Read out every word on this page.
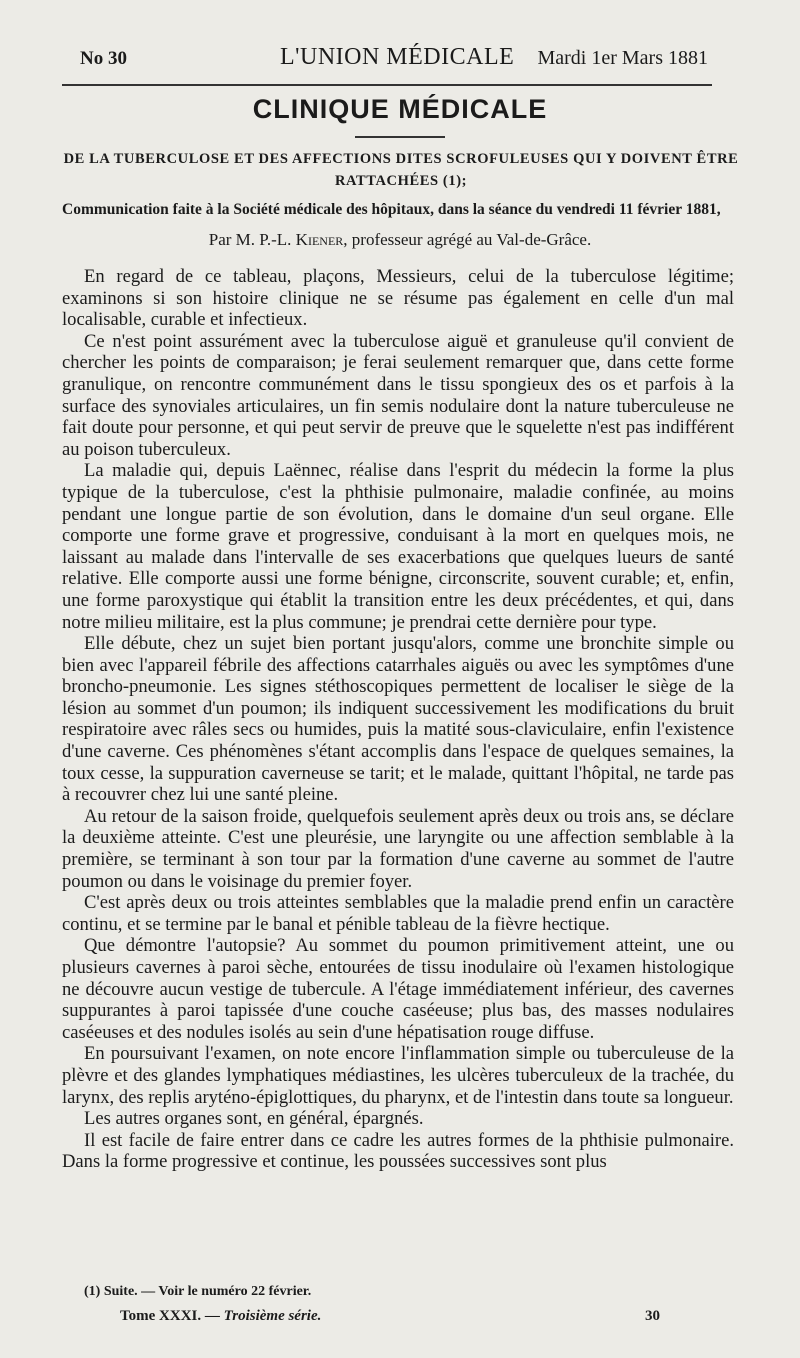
No 30	L'UNION MÉDICALE Mardi 1er Mars 1881
CLINIQUE MÉDICALE
DE LA TUBERCULOSE ET DES AFFECTIONS DITES SCROFULEUSES QUI Y DOIVENT ÊTRE RATTACHÉES (1);
Communication faite à la Société médicale des hôpitaux, dans la séance du vendredi 11 février 1881,
Par M. P.-L. Kiener, professeur agrégé au Val-de-Grâce.

En regard de ce tableau, plaçons, Messieurs, celui de la tuberculose légitime; examinons si son histoire clinique ne se résume pas également en celle d'un mal localisable, curable et infectieux.

Ce n'est point assurément avec la tuberculose aiguë et granuleuse qu'il convient de chercher les points de comparaison; je ferai seulement remarquer que, dans cette forme granulique, on rencontre communément dans le tissu spongieux des os et parfois à la surface des synoviales articulaires, un fin semis nodulaire dont la nature tuberculeuse ne fait doute pour personne, et qui peut servir de preuve que le squelette n'est pas indifférent au poison tuberculeux.

La maladie qui, depuis Laënnec, réalise dans l'esprit du médecin la forme la plus typique de la tuberculose, c'est la phthisie pulmonaire, maladie confinée, au moins pendant une longue partie de son évolution, dans le domaine d'un seul organe. Elle comporte une forme grave et progressive, conduisant à la mort en quelques mois, ne laissant au malade dans l'intervalle de ses exacerbations que quelques lueurs de santé relative. Elle comporte aussi une forme bénigne, circonscrite, souvent curable; et, enfin, une forme paroxystique qui établit la transition entre les deux précédentes, et qui, dans notre milieu militaire, est la plus commune; je prendrai cette dernière pour type.

Elle débute, chez un sujet bien portant jusqu'alors, comme une bronchite simple ou bien avec l'appareil fébrile des affections catarrhales aiguës ou avec les symptômes d'une broncho-pneumonie. Les signes stéthoscopiques permettent de localiser le siège de la lésion au sommet d'un poumon; ils indiquent successivement les modifications du bruit respiratoire avec râles secs ou humides, puis la matité sous-claviculaire, enfin l'existence d'une caverne. Ces phénomènes s'étant accomplis dans l'espace de quelques semaines, la toux cesse, la suppuration caverneuse se tarit; et le malade, quittant l'hôpital, ne tarde pas à recouvrer chez lui une santé pleine.

Au retour de la saison froide, quelquefois seulement après deux ou trois ans, se déclare la deuxième atteinte. C'est une pleurésie, une laryngite ou une affection semblable à la première, se terminant à son tour par la formation d'une caverne au sommet de l'autre poumon ou dans le voisinage du premier foyer.

C'est après deux ou trois atteintes semblables que la maladie prend enfin un caractère continu, et se termine par le banal et pénible tableau de la fièvre hectique.

Que démontre l'autopsie? Au sommet du poumon primitivement atteint, une ou plusieurs cavernes à paroi sèche, entourées de tissu inodulaire où l'examen histologique ne découvre aucun vestige de tubercule. A l'étage immédiatement inférieur, des cavernes suppurantes à paroi tapissée d'une couche caséeuse; plus bas, des masses nodulaires caséeuses et des nodules isolés au sein d'une hépatisation rouge diffuse.

En poursuivant l'examen, on note encore l'inflammation simple ou tuberculeuse de la plèvre et des glandes lymphatiques médiastines, les ulcères tuberculeux de la trachée, du larynx, des replis aryténo-épiglottiques, du pharynx, et de l'intestin dans toute sa longueur.

Les autres organes sont, en général, épargnés.

Il est facile de faire entrer dans ce cadre les autres formes de la phthisie pulmonaire. Dans la forme progressive et continue, les poussées successives sont plus

(1) Suite. — Voir le numéro 22 février.
Tome XXXI. — Troisième série.	30
